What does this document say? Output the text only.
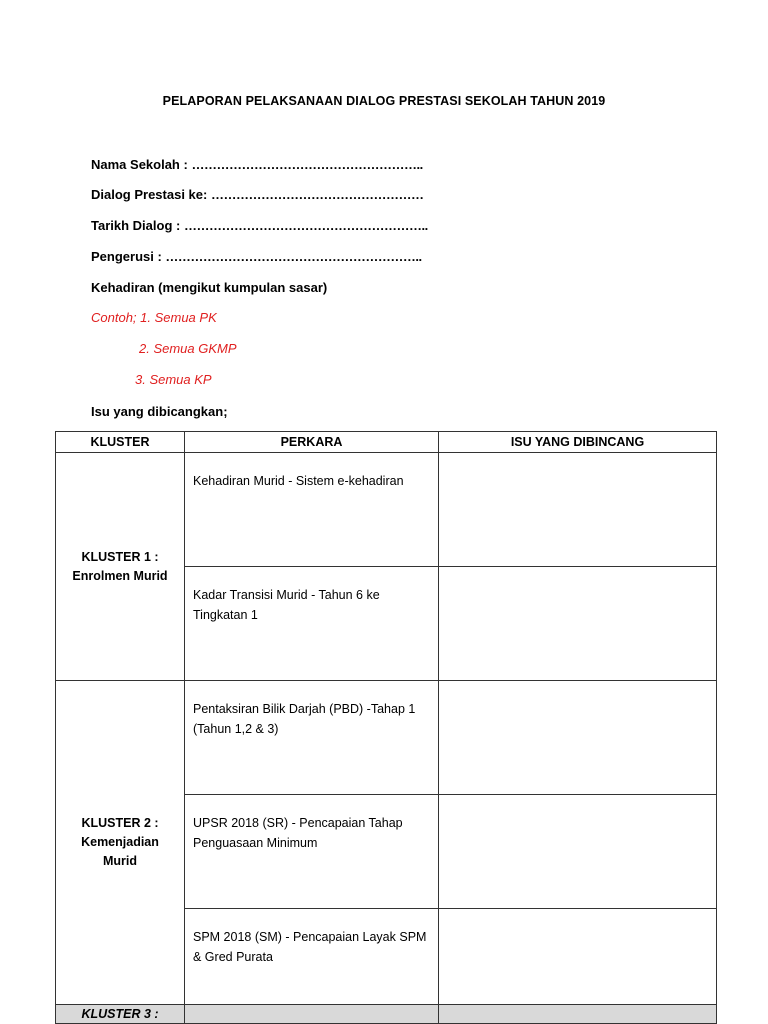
PELAPORAN PELAKSANAAN DIALOG PRESTASI SEKOLAH TAHUN 2019
Nama Sekolah : ………………………………………………..
Dialog Prestasi ke: ……………………………………………
Tarikh Dialog : …………………………………………………..
Pengerusi : ……………………………………………………..
Kehadiran (mengikut kumpulan sasar)
Contoh; 1. Semua PK
2. Semua GKMP
3. Semua KP
Isu yang dibicangkan;
KLUSTER	PERKARA	ISU YANG DIBINCANG

KLUSTER 1 :
Enrolmen Murid	Kehadiran Murid - Sistem e-kehadiran	
	Kadar Transisi Murid - Tahun 6 ke Tingkatan 1	

KLUSTER 2 :
Kemenjadian
Murid	Pentaksiran Bilik Darjah (PBD) -Tahap 1 (Tahun 1,2 & 3)	
	UPSR 2018 (SR) - Pencapaian Tahap Penguasaan Minimum	
	SPM 2018 (SM) - Pencapaian Layak SPM & Gred Purata	
KLUSTER 3 :		
